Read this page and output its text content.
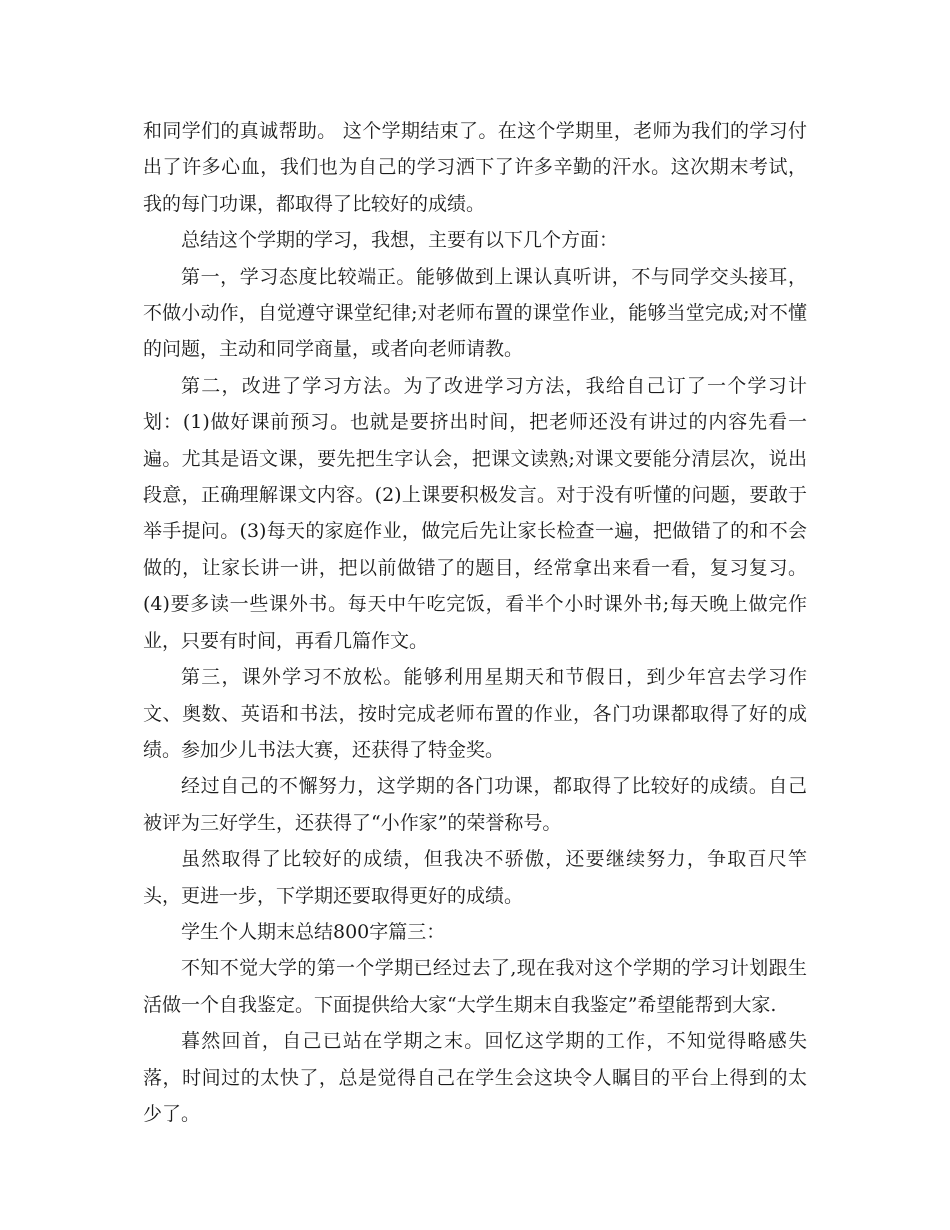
和同学们的真诚帮助。 这个学期结束了。在这个学期里，老师为我们的学习付出了许多心血，我们也为自己的学习洒下了许多辛勤的汗水。这次期末考试，我的每门功课，都取得了比较好的成绩。

总结这个学期的学习，我想，主要有以下几个方面：

第一，学习态度比较端正。能够做到上课认真听讲，不与同学交头接耳，不做小动作，自觉遵守课堂纪律;对老师布置的课堂作业，能够当堂完成;对不懂的问题，主动和同学商量，或者向老师请教。

第二，改进了学习方法。为了改进学习方法，我给自己订了一个学习计划：(1)做好课前预习。也就是要挤出时间，把老师还没有讲过的内容先看一遍。尤其是语文课，要先把生字认会，把课文读熟;对课文要能分清层次，说出段意，正确理解课文内容。(2)上课要积极发言。对于没有听懂的问题，要敢于举手提问。(3)每天的家庭作业，做完后先让家长检查一遍，把做错了的和不会做的，让家长讲一讲，把以前做错了的题目，经常拿出来看一看，复习复习。(4)要多读一些课外书。每天中午吃完饭，看半个小时课外书;每天晚上做完作业，只要有时间，再看几篇作文。

第三，课外学习不放松。能够利用星期天和节假日，到少年宫去学习作文、奥数、英语和书法，按时完成老师布置的作业，各门功课都取得了好的成绩。参加少儿书法大赛，还获得了特金奖。

经过自己的不懈努力，这学期的各门功课，都取得了比较好的成绩。自己被评为三好学生，还获得了“小作家”的荣誉称号。

虽然取得了比较好的成绩，但我决不骄傲，还要继续努力，争取百尺竿头，更进一步，下学期还要取得更好的成绩。

学生个人期末总结800字篇三：

不知不觉大学的第一个学期已经过去了,现在我对这个学期的学习计划跟生活做一个自我鉴定。下面提供给大家“大学生期末自我鉴定”希望能帮到大家.

暮然回首，自己已站在学期之末。回忆这学期的工作，不知觉得略感失落，时间过的太快了，总是觉得自己在学生会这块令人瞩目的平台上得到的太少了。
